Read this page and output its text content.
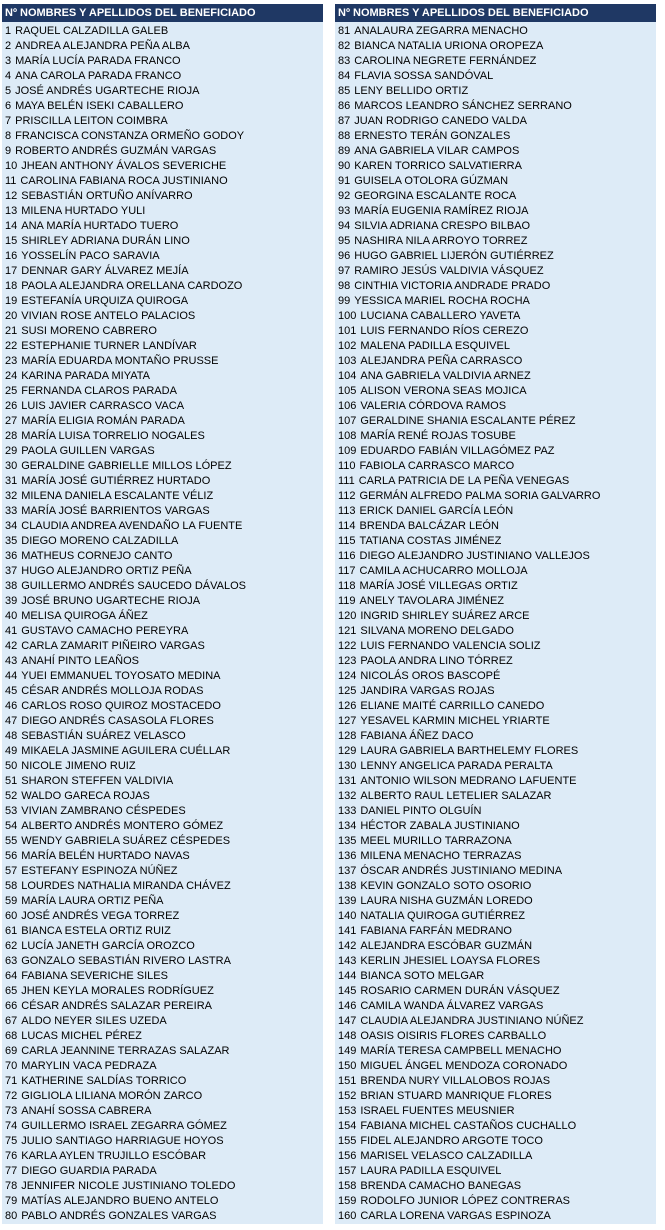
Nº NOMBRES Y APELLIDOS DEL BENEFICIADO
1 RAQUEL CALZADILLA GALEB
2 ANDREA ALEJANDRA PEÑA ALBA
3 MARÍA LUCÍA PARADA FRANCO
4 ANA CAROLA PARADA FRANCO
5 JOSÉ ANDRÉS UGARTECHE RIOJA
6 MAYA BELÉN ISEKI CABALLERO
7 PRISCILLA LEITON COIMBRA
8 FRANCISCA CONSTANZA ORMEÑO GODOY
9 ROBERTO ANDRÉS GUZMÁN VARGAS
10 JHEAN ANTHONY ÁVALOS SEVERICHE
11 CAROLINA FABIANA ROCA JUSTINIANO
12 SEBASTIÁN ORTUÑO ANÍVARRO
13 MILENA HURTADO YULI
14 ANA MARÍA HURTADO TUERO
15 SHIRLEY ADRIANA DURÁN LINO
16 YOSSELÍN PACO SARAVIA
17 DENNAR GARY ÁLVAREZ MEJÍA
18 PAOLA ALEJANDRA ORELLANA CARDOZO
19 ESTEFANÍA URQUIZA QUIROGA
20 VIVIAN ROSE ANTELO PALACIOS
21 SUSI MORENO CABRERO
22 ESTEPHANIE TURNER LANDÍVAR
23 MARÍA EDUARDA MONTAÑO PRUSSE
24 KARINA PARADA MIYATA
25 FERNANDA CLAROS PARADA
26 LUIS JAVIER CARRASCO VACA
27 MARÍA ELIGIA ROMÁN PARADA
28 MARÍA LUISA TORRELIO NOGALES
29 PAOLA GUILLEN VARGAS
30 GERALDINE GABRIELLE MILLOS LÓPEZ
31 MARÍA JOSÉ GUTIÉRREZ HURTADO
32 MILENA DANIELA ESCALANTE VÉLIZ
33 MARÍA JOSÉ BARRIENTOS VARGAS
34 CLAUDIA ANDREA AVENDAÑO LA FUENTE
35 DIEGO MORENO CALZADILLA
36 MATHEUS CORNEJO CANTO
37 HUGO ALEJANDRO ORTIZ PEÑA
38 GUILLERMO ANDRÉS SAUCEDO DÁVALOS
39 JOSÉ BRUNO UGARTECHE RIOJA
40 MELISA QUIROGA ÁÑEZ
41 GUSTAVO CAMACHO PEREYRA
42 CARLA ZAMARIT PIÑEIRO VARGAS
43 ANAHÍ PINTO LEAÑOS
44 YUEI EMMANUEL TOYOSATO MEDINA
45 CÉSAR ANDRÉS MOLLOJA RODAS
46 CARLOS ROSO QUIROZ MOSTACEDO
47 DIEGO ANDRÉS CASASOLA FLORES
48 SEBASTIÁN SUÁREZ VELASCO
49 MIKAELA JASMINE AGUILERA CUÉLLAR
50 NICOLE JIMENO RUIZ
51 SHARON STEFFEN VALDIVIA
52 WALDO GARECA ROJAS
53 VIVIAN ZAMBRANO CÉSPEDES
54 ALBERTO ANDRÉS MONTERO GÓMEZ
55 WENDY GABRIELA SUÁREZ CÉSPEDES
56 MARÍA BELÉN HURTADO NAVAS
57 ESTEFANY ESPINOZA NÚÑEZ
58 LOURDES NATHALIA MIRANDA CHÁVEZ
59 MARÍA LAURA ORTIZ PEÑA
60 JOSÉ ANDRÉS VEGA TORREZ
61 BIANCA ESTELA ORTIZ RUIZ
62 LUCÍA JANETH GARCÍA OROZCO
63 GONZALO SEBASTIÁN RIVERO LASTRA
64 FABIANA SEVERICHE SILES
65 JHEN KEYLA MORALES RODRÍGUEZ
66 CÉSAR ANDRÉS SALAZAR PEREIRA
67 ALDO NEYER SILES UZEDA
68 LUCAS MICHEL PÉREZ
69 CARLA JEANNINE TERRAZAS SALAZAR
70 MARYLIN VACA PEDRAZA
71 KATHERINE SALDÍAS TORRICO
72 GIGLIOLA LILIANA MORÓN ZARCO
73 ANAHÍ SOSSA CABRERA
74 GUILLERMO ISRAEL ZEGARRA GÓMEZ
75 JULIO SANTIAGO HARRIAGUE HOYOS
76 KARLA AYLEN TRUJILLO ESCÓBAR
77 DIEGO GUARDIA PARADA
78 JENNIFER NICOLE JUSTINIANO TOLEDO
79 MATÍAS ALEJANDRO BUENO ANTELO
80 PABLO ANDRÉS GONZALES VARGAS
Nº NOMBRES Y APELLIDOS DEL BENEFICIADO
81 ANALAURA ZEGARRA MENACHO
82 BIANCA NATALIA URIONA OROPEZA
83 CAROLINA NEGRETE FERNÁNDEZ
84 FLAVIA SOSSA SANDÓVAL
85 LENY BELLIDO ORTIZ
86 MARCOS LEANDRO SÁNCHEZ SERRANO
87 JUAN RODRIGO CANEDO VALDA
88 ERNESTO TERÁN GONZALES
89 ANA GABRIELA VILAR CAMPOS
90 KAREN TORRICO SALVATIERRA
91 GUISELA OTOLORA GÚZMAN
92 GEORGINA ESCALANTE ROCA
93 MARÍA EUGENIA RAMÍREZ RIOJA
94 SILVIA ADRIANA CRESPO BILBAO
95 NASHIRA NILA ARROYO TORREZ
96 HUGO GABRIEL LIJERÓN GUTIÉRREZ
97 RAMIRO JESÚS VALDIVIA VÁSQUEZ
98 CINTHIA VICTORIA ANDRADE PRADO
99 YESSICA MARIEL ROCHA ROCHA
100 LUCIANA CABALLERO YAVETA
101 LUIS FERNANDO RÍOS CEREZO
102 MALENA PADILLA ESQUIVEL
103 ALEJANDRA PEÑA CARRASCO
104 ANA GABRIELA VALDIVIA ARNEZ
105 ALISON VERONA SEAS MOJICA
106 VALERIA CÓRDOVA RAMOS
107 GERALDINE SHANIA ESCALANTE PÉREZ
108 MARÍA RENÉ ROJAS TOSUBE
109 EDUARDO FABIÁN VILLAGÓMEZ PAZ
110 FABIOLA CARRASCO MARCO
111 CARLA PATRICIA DE LA PEÑA VENEGAS
112 GERMÁN ALFREDO PALMA SORIA GALVARRO
113 ERICK DANIEL GARCÍA LEÓN
114 BRENDA BALCÁZAR LEÓN
115 TATIANA COSTAS JIMÉNEZ
116 DIEGO ALEJANDRO JUSTINIANO VALLEJOS
117 CAMILA ACHUCARRO MOLLOJA
118 MARÍA JOSÉ VILLEGAS ORTIZ
119 ANELY TAVOLARA JIMÉNEZ
120 INGRID SHIRLEY SUÁREZ ARCE
121 SILVANA MORENO DELGADO
122 LUIS FERNANDO VALENCIA SOLIZ
123 PAOLA ANDRA LINO TÓRREZ
124 NICOLÁS OROS BASCOPÉ
125 JANDIRA VARGAS ROJAS
126 ELIANE MAITÉ CARRILLO CANEDO
127 YESAVEL KARMIN MICHEL YRIARTE
128 FABIANA ÁÑEZ DACO
129 LAURA GABRIELA BARTHELEMY FLORES
130 LENNY ANGELICA PARADA PERALTA
131 ANTONIO WILSON MEDRANO LAFUENTE
132 ALBERTO RAUL LETELIER SALAZAR
133 DANIEL PINTO OLGUÍN
134 HÉCTOR ZABALA JUSTINIANO
135 MEEL MURILLO TARRAZONA
136 MILENA MENACHO TERRAZAS
137 ÓSCAR ANDRÉS JUSTINIANO MEDINA
138 KEVIN GONZALO SOTO OSORIO
139 LAURA NISHA GUZMÁN LOREDO
140 NATALIA QUIROGA GUTIÉRREZ
141 FABIANA FARFÁN MEDRANO
142 ALEJANDRA ESCÓBAR GUZMÁN
143 KERLIN JHESIEL LOAYSA FLORES
144 BIANCA SOTO MELGAR
145 ROSARIO CARMEN DURÁN VÁSQUEZ
146 CAMILA WANDA ÁLVAREZ VARGAS
147 CLAUDIA ALEJANDRA JUSTINIANO NÚÑEZ
148 OASIS OISIRIS FLORES CARBALLO
149 MARÍA TERESA CAMPBELL MENACHO
150 MIGUEL ÁNGEL MENDOZA CORONADO
151 BRENDA NURY VILLALOBOS ROJAS
152 BRIAN STUARD MANRIQUE FLORES
153 ISRAEL FUENTES MEUSNIER
154 FABIANA MICHEL CASTAÑOS CUCHALLO
155 FIDEL ALEJANDRO ARGOTE TOCO
156 MARISEL VELASCO CALZADILLA
157 LAURA PADILLA ESQUIVEL
158 BRENDA CAMACHO BANEGAS
159 RODOLFO JUNIOR LÓPEZ CONTRERAS
160 CARLA LORENA VARGAS ESPINOZA
